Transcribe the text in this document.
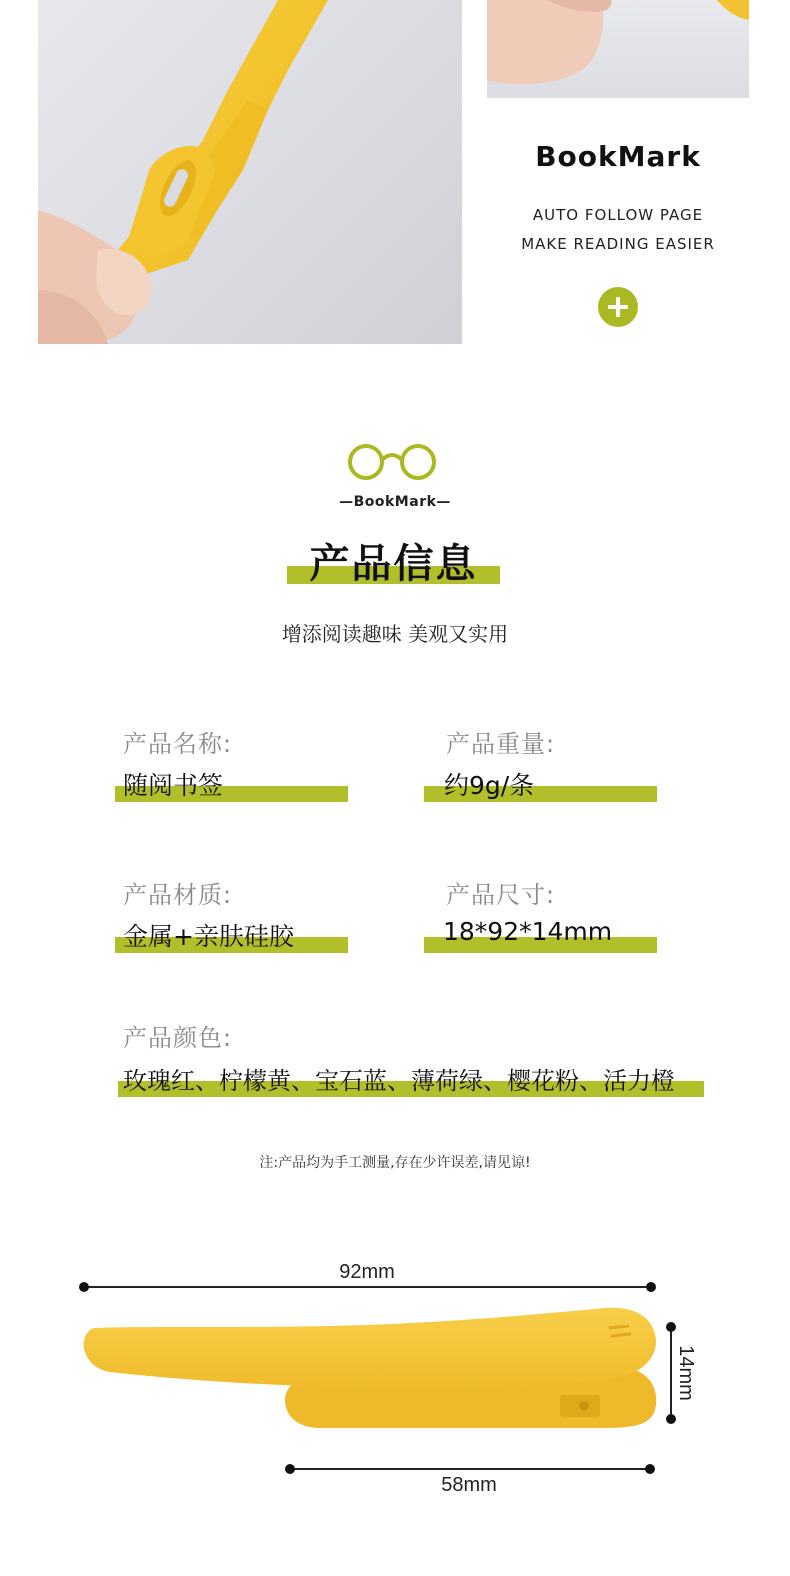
BookMark
AUTO FOLLOW PAGE
MAKE READING EASIER
—BookMark—
产品信息
增添阅读趣味 美观又实用
产品名称:
随阅书签
产品重量:
约9g/条
产品材质:
金属+亲肤硅胶
产品尺寸:
18*92*14mm
产品颜色:
玫瑰红、柠檬黄、宝石蓝、薄荷绿、樱花粉、活力橙
注:产品均为手工测量,存在少许误差,请见谅!
92mm
14mm
58mm
